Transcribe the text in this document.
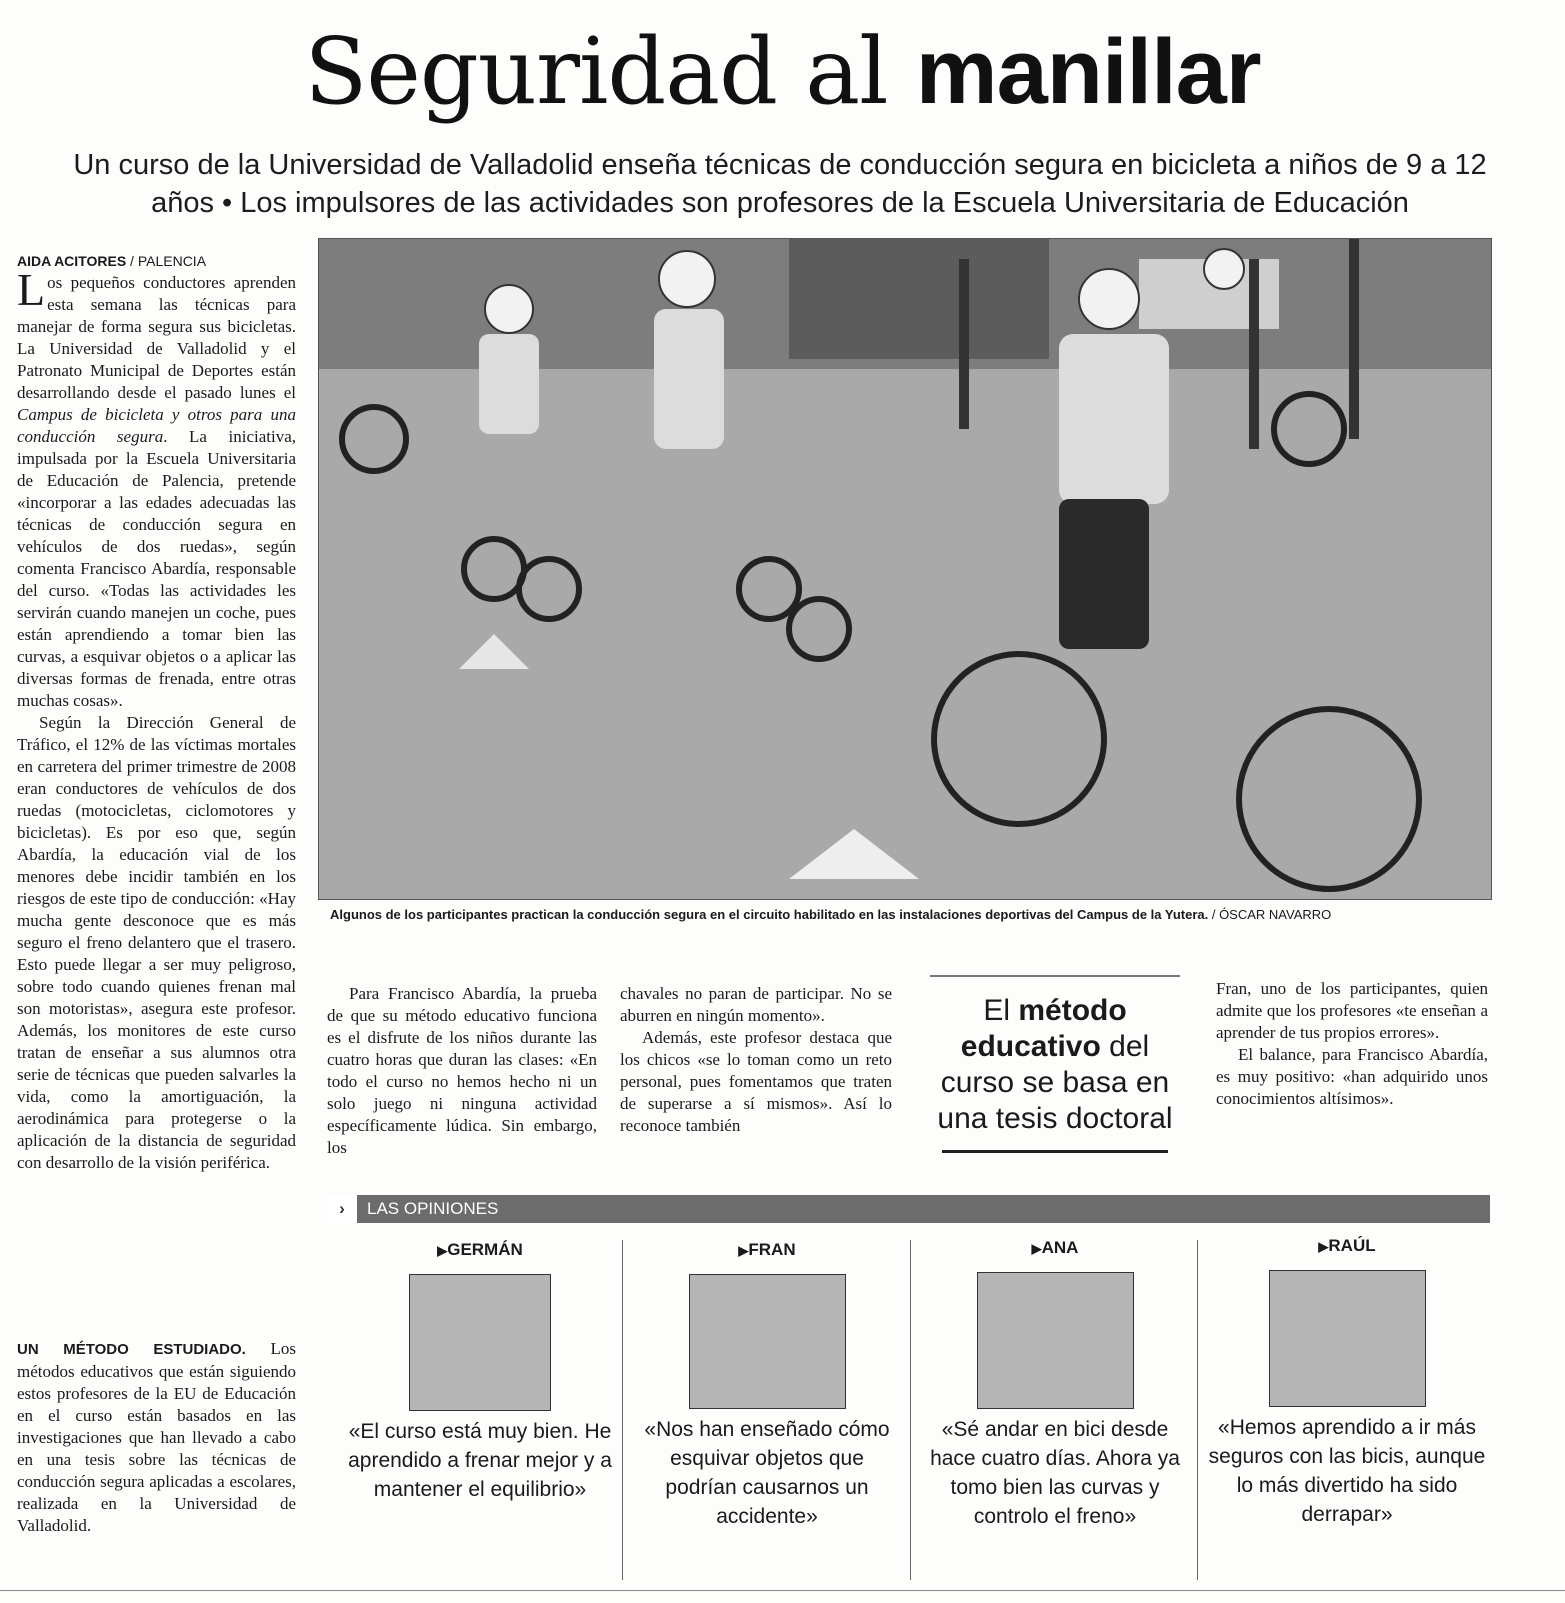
Seguridad al manillar
Un curso de la Universidad de Valladolid enseña técnicas de conducción segura en bicicleta a niños de 9 a 12 años • Los impulsores de las actividades son profesores de la Escuela Universitaria de Educación
AIDA ACITORES / PALENCIA

Los pequeños conductores aprenden esta semana las técnicas para manejar de forma segura sus bicicletas. La Universidad de Valladolid y el Patronato Municipal de Deportes están desarrollando desde el pasado lunes el Campus de bicicleta y otros para una conducción segura. La iniciativa, impulsada por la Escuela Universitaria de Educación de Palencia, pretende «incorporar a las edades adecuadas las técnicas de conducción segura en vehículos de dos ruedas», según comenta Francisco Abardía, responsable del curso. «Todas las actividades les servirán cuando manejen un coche, pues están aprendiendo a tomar bien las curvas, a esquivar objetos o a aplicar las diversas formas de frenada, entre otras muchas cosas».

Según la Dirección General de Tráfico, el 12% de las víctimas mortales en carretera del primer trimestre de 2008 eran conductores de vehículos de dos ruedas (motocicletas, ciclomotores y bicicletas). Es por eso que, según Abardía, la educación vial de los menores debe incidir también en los riesgos de este tipo de conducción: «Hay mucha gente desconoce que es más seguro el freno delantero que el trasero. Esto puede llegar a ser muy peligroso, sobre todo cuando quienes frenan mal son motoristas», asegura este profesor. Además, los monitores de este curso tratan de enseñar a sus alumnos otra serie de técnicas que pueden salvarles la vida, como la amortiguación, la aerodinámica para protegerse o la aplicación de la distancia de seguridad con desarrollo de la visión periférica.

UN MÉTODO ESTUDIADO. Los métodos educativos que están siguiendo estos profesores de la EU de Educación en el curso están basados en las investigaciones que han llevado a cabo en una tesis sobre las técnicas de conducción segura aplicadas a escolares, realizada en la Universidad de Valladolid.

Algunos de los participantes practican la conducción segura en el circuito habilitado en las instalaciones deportivas del Campus de la Yutera. / ÓSCAR NAVARRO

Para Francisco Abardía, la prueba de que su método educativo funciona es el disfrute de los niños durante las cuatro horas que duran las clases: «En todo el curso no hemos hecho ni un solo juego ni ninguna actividad específicamente lúdica. Sin embargo, los

chavales no paran de participar. No se aburren en ningún momento».

Además, este profesor destaca que los chicos «se lo toman como un reto personal, pues fomentamos que traten de superarse a sí mismos». Así lo reconoce también

El método educativo del curso se basa en una tesis doctoral

Fran, uno de los participantes, quien admite que los profesores «te enseñan a aprender de tus propios errores».

El balance, para Francisco Abardía, es muy positivo: «han adquirido unos conocimientos altísimos».

› LAS OPINIONES
▶GERMÁN
«El curso está muy bien. He aprendido a frenar mejor y a mantener el equilibrio»
▶FRAN
«Nos han enseñado cómo esquivar objetos que podrían causarnos un accidente»
▶ANA
«Sé andar en bici desde hace cuatro días. Ahora ya tomo bien las curvas y controlo el freno»
▶RAÚL
«Hemos aprendido a ir más seguros con las bicis, aunque lo más divertido ha sido derrapar»
